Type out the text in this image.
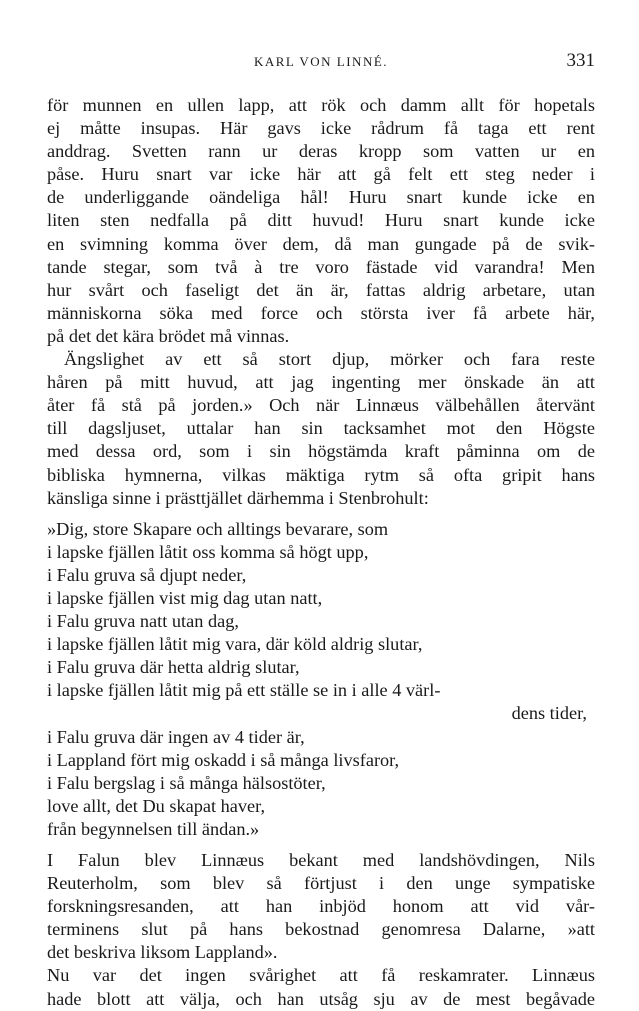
KARL VON LINNÉ.	331
för munnen en ullen lapp, att rök och damm allt för hopetals
ej måtte insupas. Här gavs icke rådrum få taga ett rent
anddrag. Svetten rann ur deras kropp som vatten ur en
påse. Huru snart var icke här att gå felt ett steg neder i
de underliggande oändeliga hål! Huru snart kunde icke en
liten sten nedfalla på ditt huvud! Huru snart kunde icke
en svimning komma över dem, då man gungade på de svik-
tande stegar, som två à tre voro fästade vid varandra! Men
hur svårt och faseligt det än är, fattas aldrig arbetare, utan
människorna söka med force och största iver få arbete här,
på det det kära brödet må vinnas.
Ängslighet av ett så stort djup, mörker och fara reste
håren på mitt huvud, att jag ingenting mer önskade än att
åter få stå på jorden.» Och när Linnæus välbehållen återvänt
till dagsljuset, uttalar han sin tacksamhet mot den Högste
med dessa ord, som i sin högstämda kraft påminna om de
bibliska hymnerna, vilkas mäktiga rytm så ofta gripit hans
känsliga sinne i prästtjället därhemma i Stenbrohult:
»Dig, store Skapare och alltings bevarare, som
i lapske fjällen låtit oss komma så högt upp,
i Falu gruva så djupt neder,
i lapske fjällen vist mig dag utan natt,
i Falu gruva natt utan dag,
i lapske fjällen låtit mig vara, där köld aldrig slutar,
i Falu gruva där hetta aldrig slutar,
i lapske fjällen låtit mig på ett ställe se in i alle 4 värl-
dens tider,
i Falu gruva där ingen av 4 tider är,
i Lappland fört mig oskadd i så många livsfaror,
i Falu bergslag i så många hälsostöter,
love allt, det Du skapat haver,
från begynnelsen till ändan.»
I Falun blev Linnæus bekant med landshövdingen, Nils
Reuterholm, som blev så förtjust i den unge sympatiske
forskningsresanden, att han inbjöd honom att vid vår-
terminens slut på hans bekostnad genomresa Dalarne, »att
det beskriva liksom Lappland».
Nu var det ingen svårighet att få reskamrater. Linnæus
hade blott att välja, och han utsåg sju av de mest begåvade
